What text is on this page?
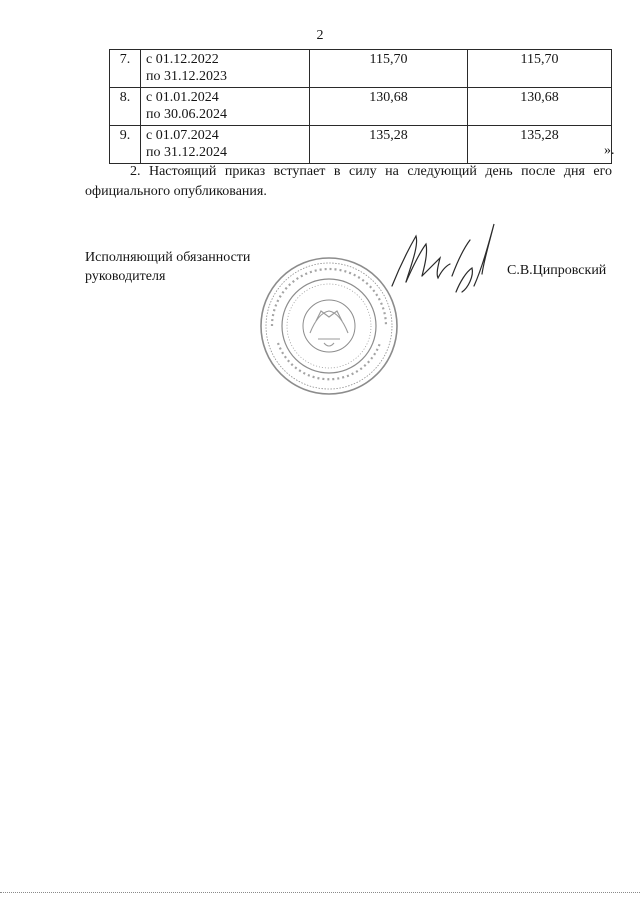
2
7.	с 01.12.2022
по 31.12.2023	115,70	115,70
8.	с 01.01.2024
по 30.06.2024	130,68	130,68
9.	с 01.07.2024
по 31.12.2024	135,28	135,28
».
2. Настоящий приказ вступает в силу на следующий день после дня его официального опубликования.
Исполняющий обязанности
руководителя	С.В.Ципровский
